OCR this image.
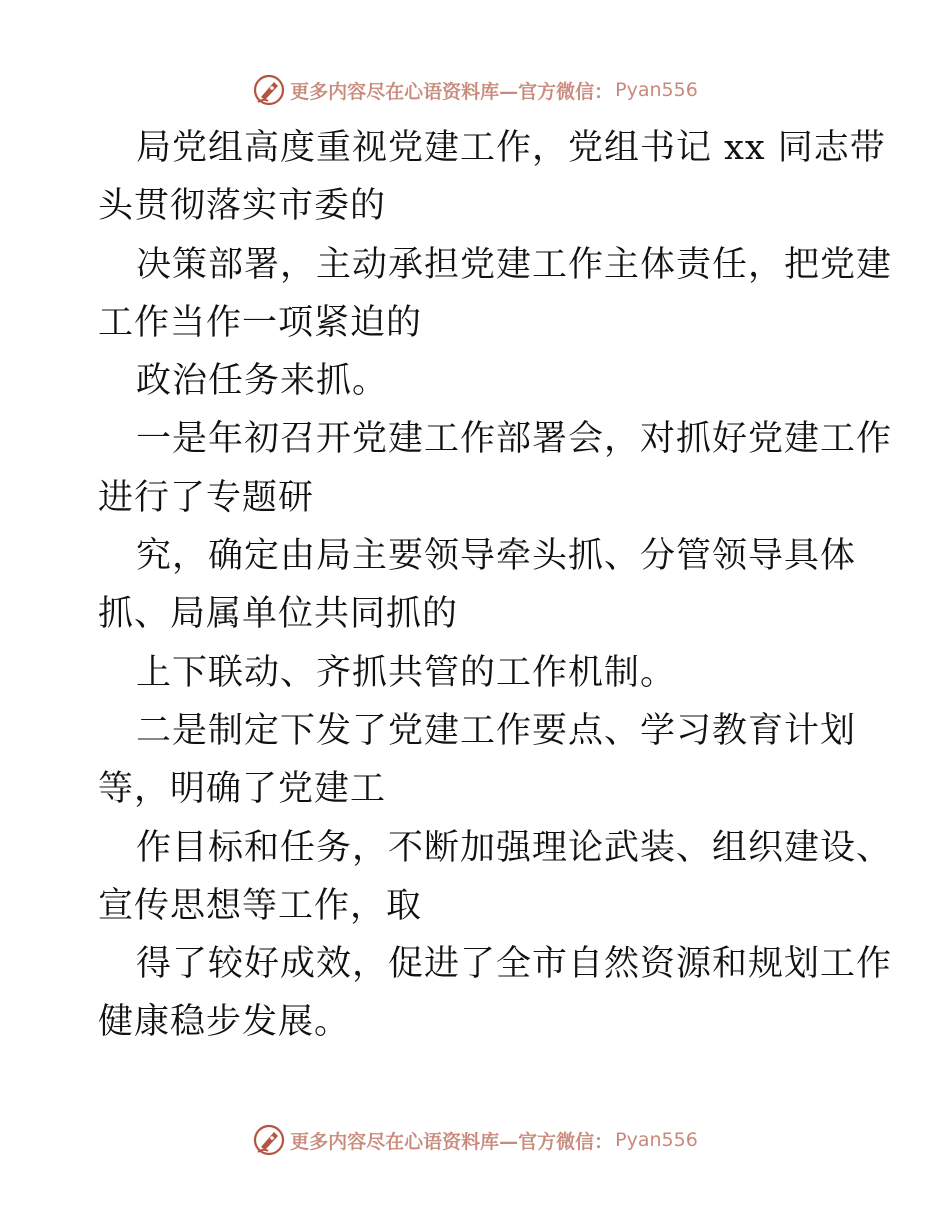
更多内容尽在心语资料库—官方微信： Pyan556
局党组高度重视党建工作，党组书记 xx 同志带
头贯彻落实市委的
决策部署，主动承担党建工作主体责任，把党建
工作当作一项紧迫的
政治任务来抓。
一是年初召开党建工作部署会，对抓好党建工作
进行了专题研
究，确定由局主要领导牵头抓、分管领导具体
抓、局属单位共同抓的
上下联动、齐抓共管的工作机制。
二是制定下发了党建工作要点、学习教育计划
等，明确了党建工
作目标和任务，不断加强理论武装、组织建设、
宣传思想等工作，取
得了较好成效，促进了全市自然资源和规划工作
健康稳步发展。
更多内容尽在心语资料库—官方微信： Pyan556
